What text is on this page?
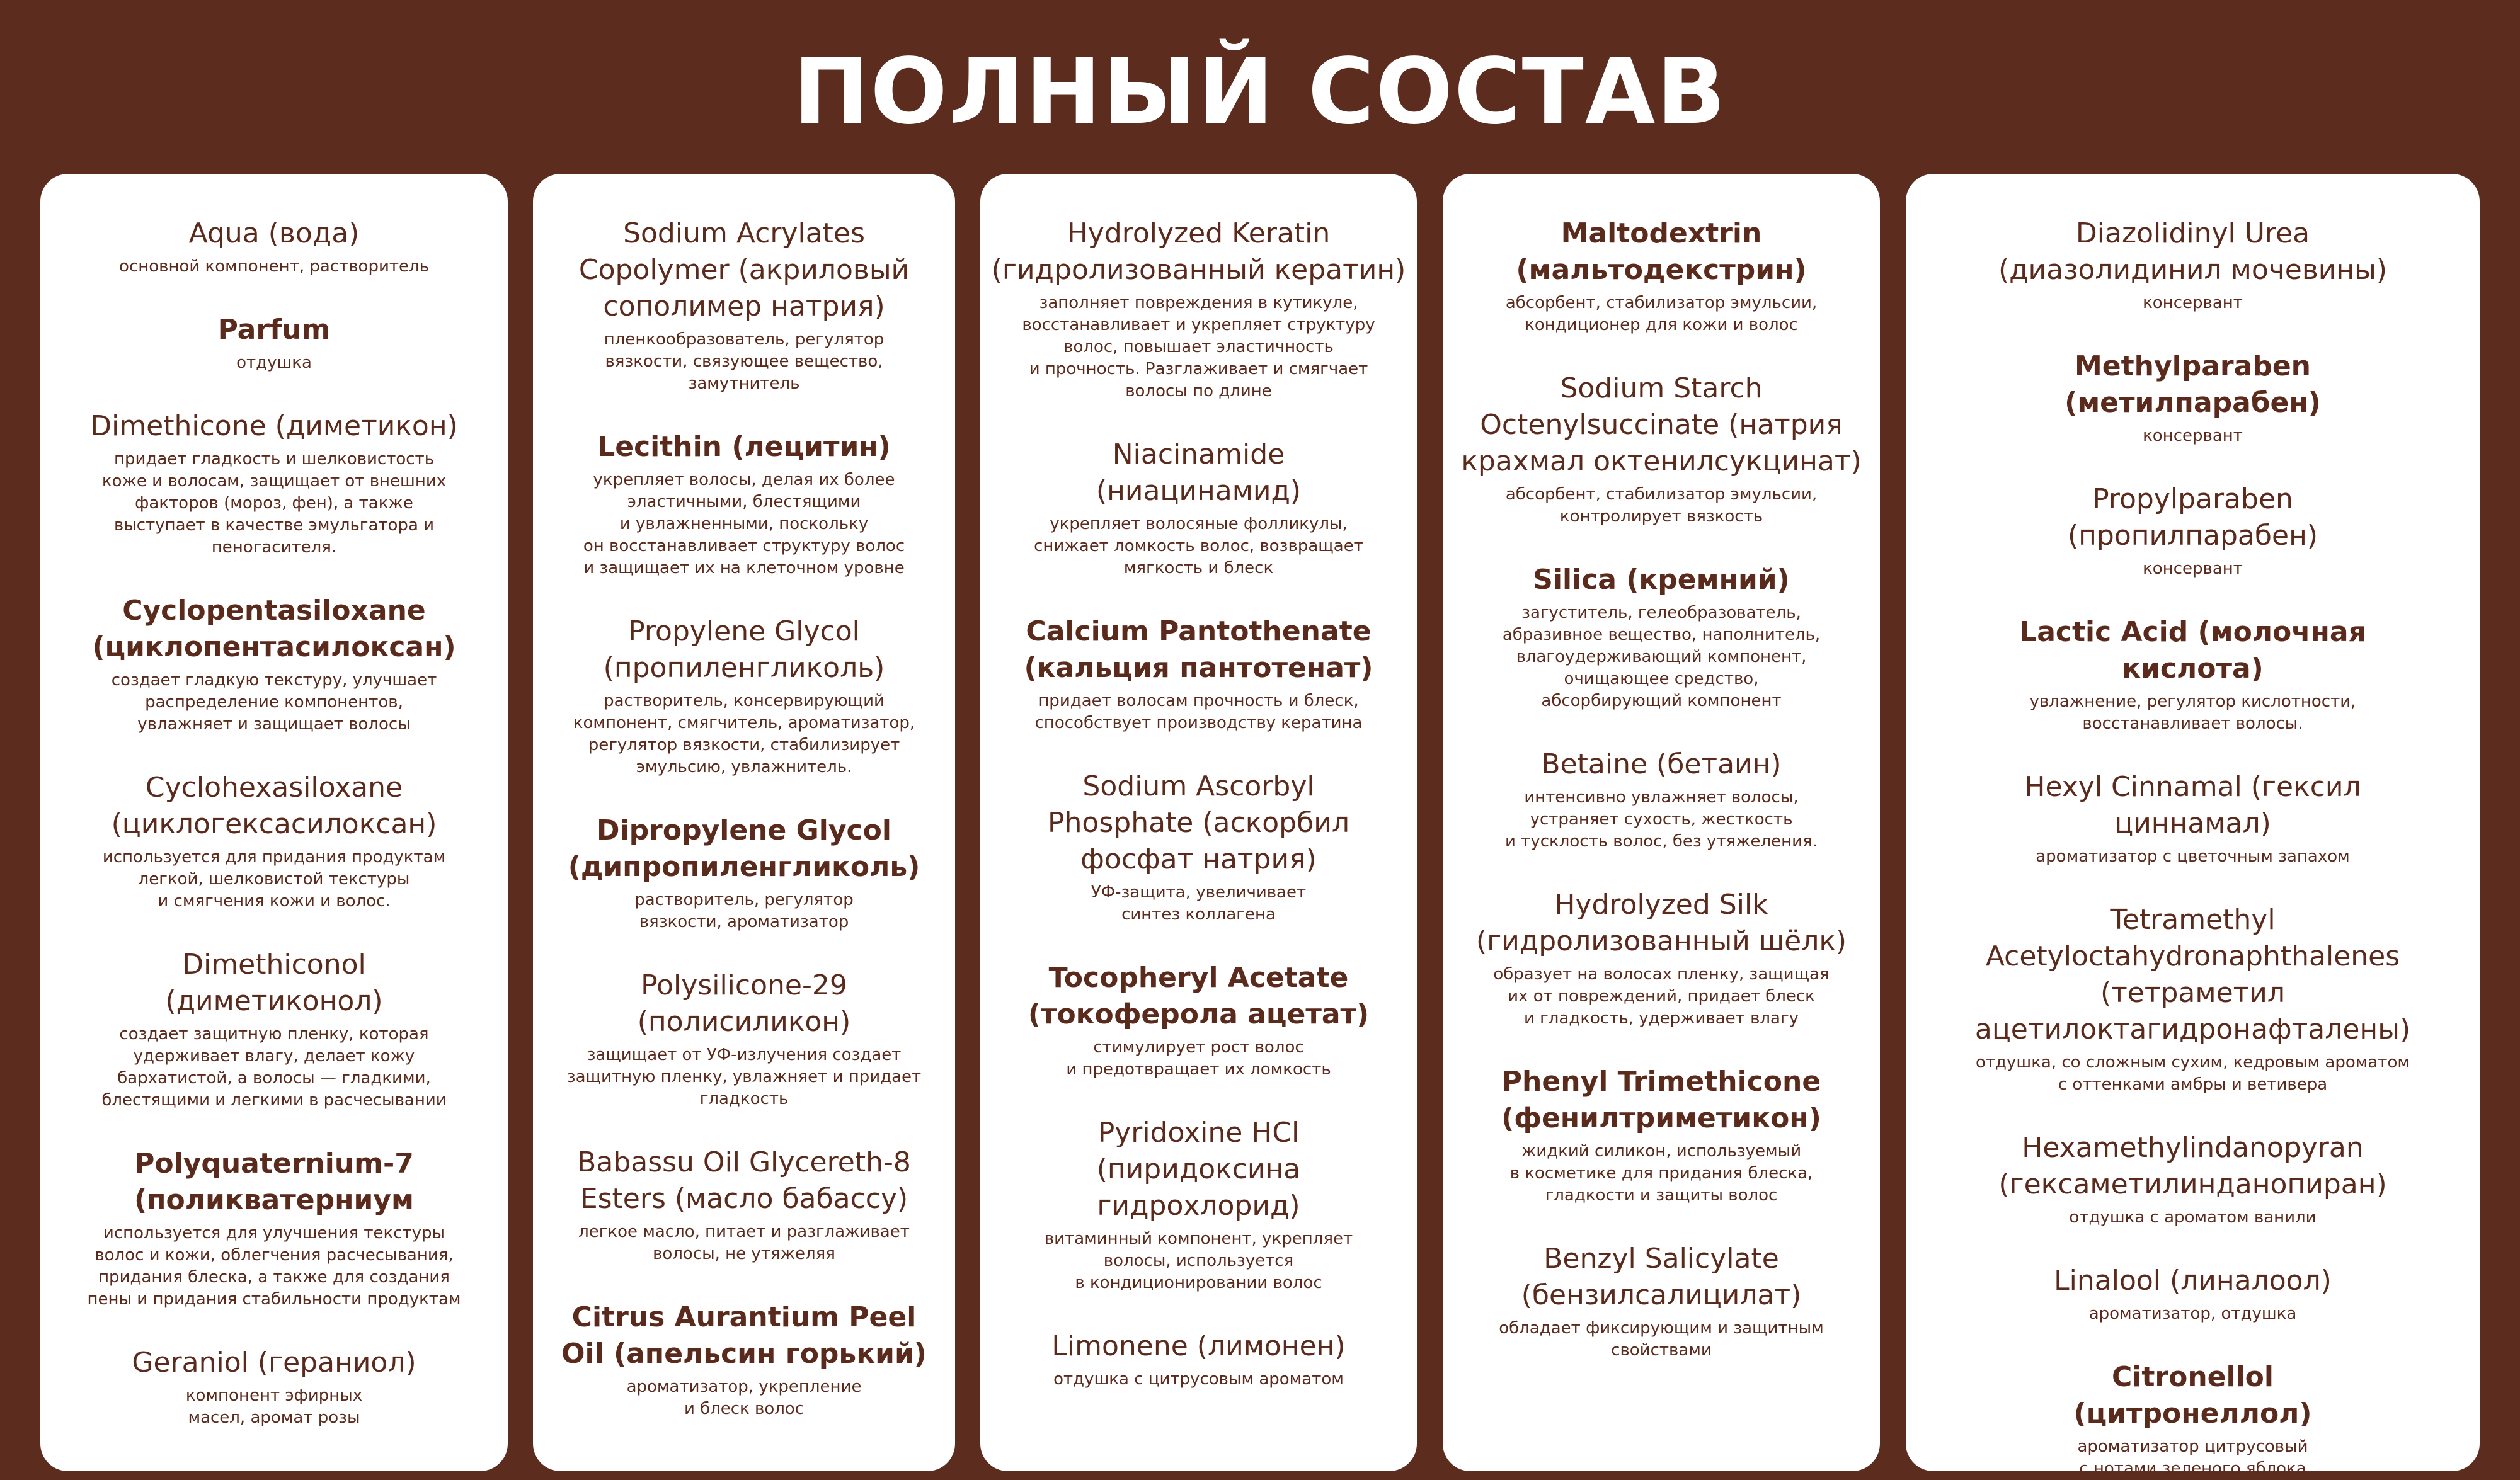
ПОЛНЫЙ СОСТАВ
Aqua (вода)
основной компонент, растворитель
Parfum
отдушка
Dimethicone (диметикон)
придает гладкость и шелковистость
коже и волосам, защищает от внешних
факторов (мороз, фен), а также
выступает в качестве эмульгатора и
пеногасителя.
Cyclopentasiloxane
(циклопентасилоксан)
создает гладкую текстуру, улучшает
распределение компонентов,
увлажняет и защищает волосы
Cyclohexasiloxane
(циклогексасилоксан)
используется для придания продуктам
легкой, шелковистой текстуры
и смягчения кожи и волос.
Dimethiconol
(диметиконол)
создает защитную пленку, которая
удерживает влагу, делает кожу
бархатистой, а волосы — гладкими,
блестящими и легкими в расчесывании
Polyquaternium-7
(поликватерниум
используется для улучшения текстуры
волос и кожи, облегчения расчесывания,
придания блеска, а также для создания
пены и придания стабильности продуктам
Geraniol (гераниол)
компонент эфирных
масел, аромат розы
Sodium Acrylates
Copolymer (акриловый
сополимер натрия)
пленкообразователь, регулятор
вязкости, связующее вещество,
замутнитель
Lecithin (лецитин)
укрепляет волосы, делая их более
эластичными, блестящими
и увлажненными, поскольку
он восстанавливает структуру волос
и защищает их на клеточном уровне
Propylene Glycol
(пропиленгликоль)
растворитель, консервирующий
компонент, смягчитель, ароматизатор,
регулятор вязкости, стабилизирует
эмульсию, увлажнитель.
Dipropylene Glycol
(дипропиленгликоль)
растворитель, регулятор
вязкости, ароматизатор
Polysilicone-29
(полисиликон)
защищает от УФ-излучения создает
защитную пленку, увлажняет и придает
гладкость
Babassu Oil Glycereth-8
Esters (масло бабассу)
легкое масло, питает и разглаживает
волосы, не утяжеляя
Citrus Aurantium Peel
Oil (апельсин горький)
ароматизатор, укрепление
и блеск волос
Hydrolyzed Keratin
(гидролизованный кератин)
заполняет повреждения в кутикуле,
восстанавливает и укрепляет структуру
волос, повышает эластичность
и прочность. Разглаживает и смягчает
волосы по длине
Niacinamide
(ниацинамид)
укрепляет волосяные фолликулы,
снижает ломкость волос, возвращает
мягкость и блеск
Calcium Pantothenate
(кальция пантотенат)
придает волосам прочность и блеск,
способствует производству кератина
Sodium Ascorbyl
Phosphate (аскорбил
фосфат натрия)
УФ-защита, увеличивает
синтез коллагена
Tocopheryl Acetate
(токоферола ацетат)
стимулирует рост волос
и предотвращает их ломкость
Pyridoxine HCl
(пиридоксина
гидрохлорид)
витаминный компонент, укрепляет
волосы, используется
в кондиционировании волос
Limonene (лимонен)
отдушка с цитрусовым ароматом
Maltodextrin
(мальтодекстрин)
абсорбент, стабилизатор эмульсии,
кондиционер для кожи и волос
Sodium Starch
Octenylsuccinate (натрия
крахмал октенилсукцинат)
абсорбент, стабилизатор эмульсии,
контролирует вязкость
Silica (кремний)
загуститель, гелеобразователь,
абразивное вещество, наполнитель,
влагоудерживающий компонент,
очищающее средство,
абсорбирующий компонент
Betaine (бетаин)
интенсивно увлажняет волосы,
устраняет сухость, жесткость
и тусклость волос, без утяжеления.
Hydrolyzed Silk
(гидролизованный шёлк)
образует на волосах пленку, защищая
их от повреждений, придает блеск
и гладкость, удерживает влагу
Phenyl Trimethicone
(фенилтриметикон)
жидкий силикон, используемый
в косметике для придания блеска,
гладкости и защиты волос
Benzyl Salicylate
(бензилсалицилат)
обладает фиксирующим и защитным
свойствами
Diazolidinyl Urea
(диазолидинил мочевины)
консервант
Methylparaben
(метилпарабен)
консервант
Propylparaben
(пропилпарабен)
консервант
Lactic Acid (молочная
кислота)
увлажнение, регулятор кислотности,
восстанавливает волосы.
Hexyl Cinnamal (гексил
циннамал)
ароматизатор с цветочным запахом
Tetramethyl Acetyloctahydronaphthalenes
(тетраметил ацетилоктагидронафталены)
отдушка, со сложным сухим, кедровым ароматом
с оттенками амбры и ветивера
Hexamethylindanopyran
(гексаметилинданопиран)
отдушка с ароматом ванили
Linalool (линалоол)
ароматизатор, отдушка
Citronellol
(цитронеллол)
ароматизатор цитрусовый
с нотами зеленого яблока
